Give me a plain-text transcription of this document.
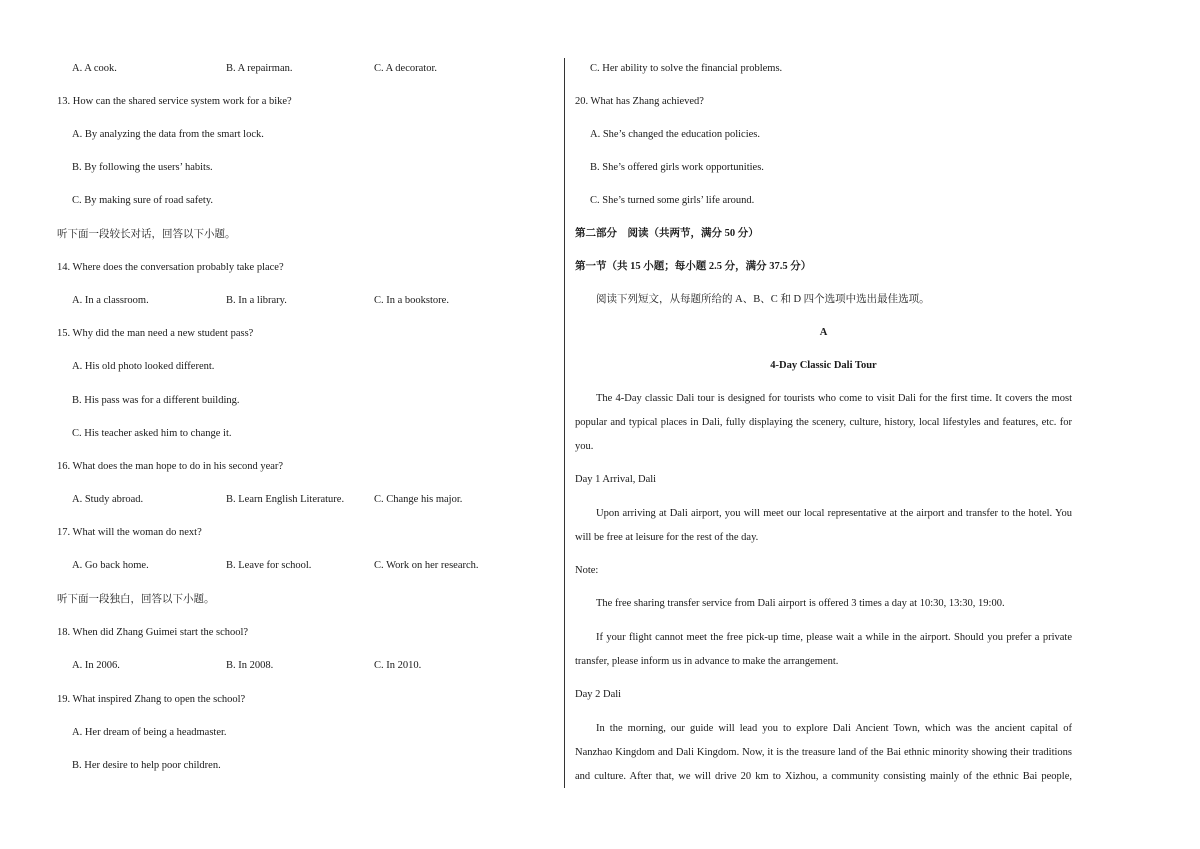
A. A cook.	B. A repairman.	C. A decorator.
13. How can the shared service system work for a bike?
A. By analyzing the data from the smart lock.
B. By following the users’ habits.
C. By making sure of road safety.
听下面一段较长对话，回答以下小题。
14. Where does the conversation probably take place?
A. In a classroom.	B. In a library.	C. In a bookstore.
15. Why did the man need a new student pass?
A. His old photo looked different.
B. His pass was for a different building.
C. His teacher asked him to change it.
16. What does the man hope to do in his second year?
A. Study abroad.	B. Learn English Literature.	C. Change his major.
17. What will the woman do next?
A. Go back home.	B. Leave for school.	C. Work on her research.
听下面一段独白，回答以下小题。
18. When did Zhang Guimei start the school?
A. In 2006.	B. In 2008.	C. In 2010.
19. What inspired Zhang to open the school?
A. Her dream of being a headmaster.
B. Her desire to help poor children.
C. Her ability to solve the financial problems.
20. What has Zhang achieved?
A. She’s changed the education policies.
B. She’s offered girls work opportunities.
C. She’s turned some girls’ life around.
第二部分　阅读（共两节，满分 50 分）
第一节（共 15 小题；每小题 2.5 分，满分 37.5 分）
阅读下列短文，从每题所给的 A、B、C 和 D 四个选项中选出最佳选项。
A
4-Day Classic Dali Tour
The 4-Day classic Dali tour is designed for tourists who come to visit Dali for the first time. It covers the most
popular and typical places in Dali, fully displaying the scenery, culture, history, local lifestyles and features, etc. for
you.
Day 1 Arrival, Dali
Upon arriving at Dali airport, you will meet our local representative at the airport and transfer to the hotel. You
will be free at leisure for the rest of the day.
Note:
The free sharing transfer service from Dali airport is offered 3 times a day at 10:30, 13:30, 19:00.
If your flight cannot meet the free pick-up time, please wait a while in the airport. Should you prefer a private
transfer, please inform us in advance to make the arrangement.
Day 2 Dali
In the morning, our guide will lead you to explore Dali Ancient Town, which was the ancient capital of
Nanzhao Kingdom and Dali Kingdom. Now, it is the treasure land of the Bai ethnic minority showing their traditions
and culture. After that, we will drive 20 km to Xizhou, a community consisting mainly of the ethnic Bai people,
